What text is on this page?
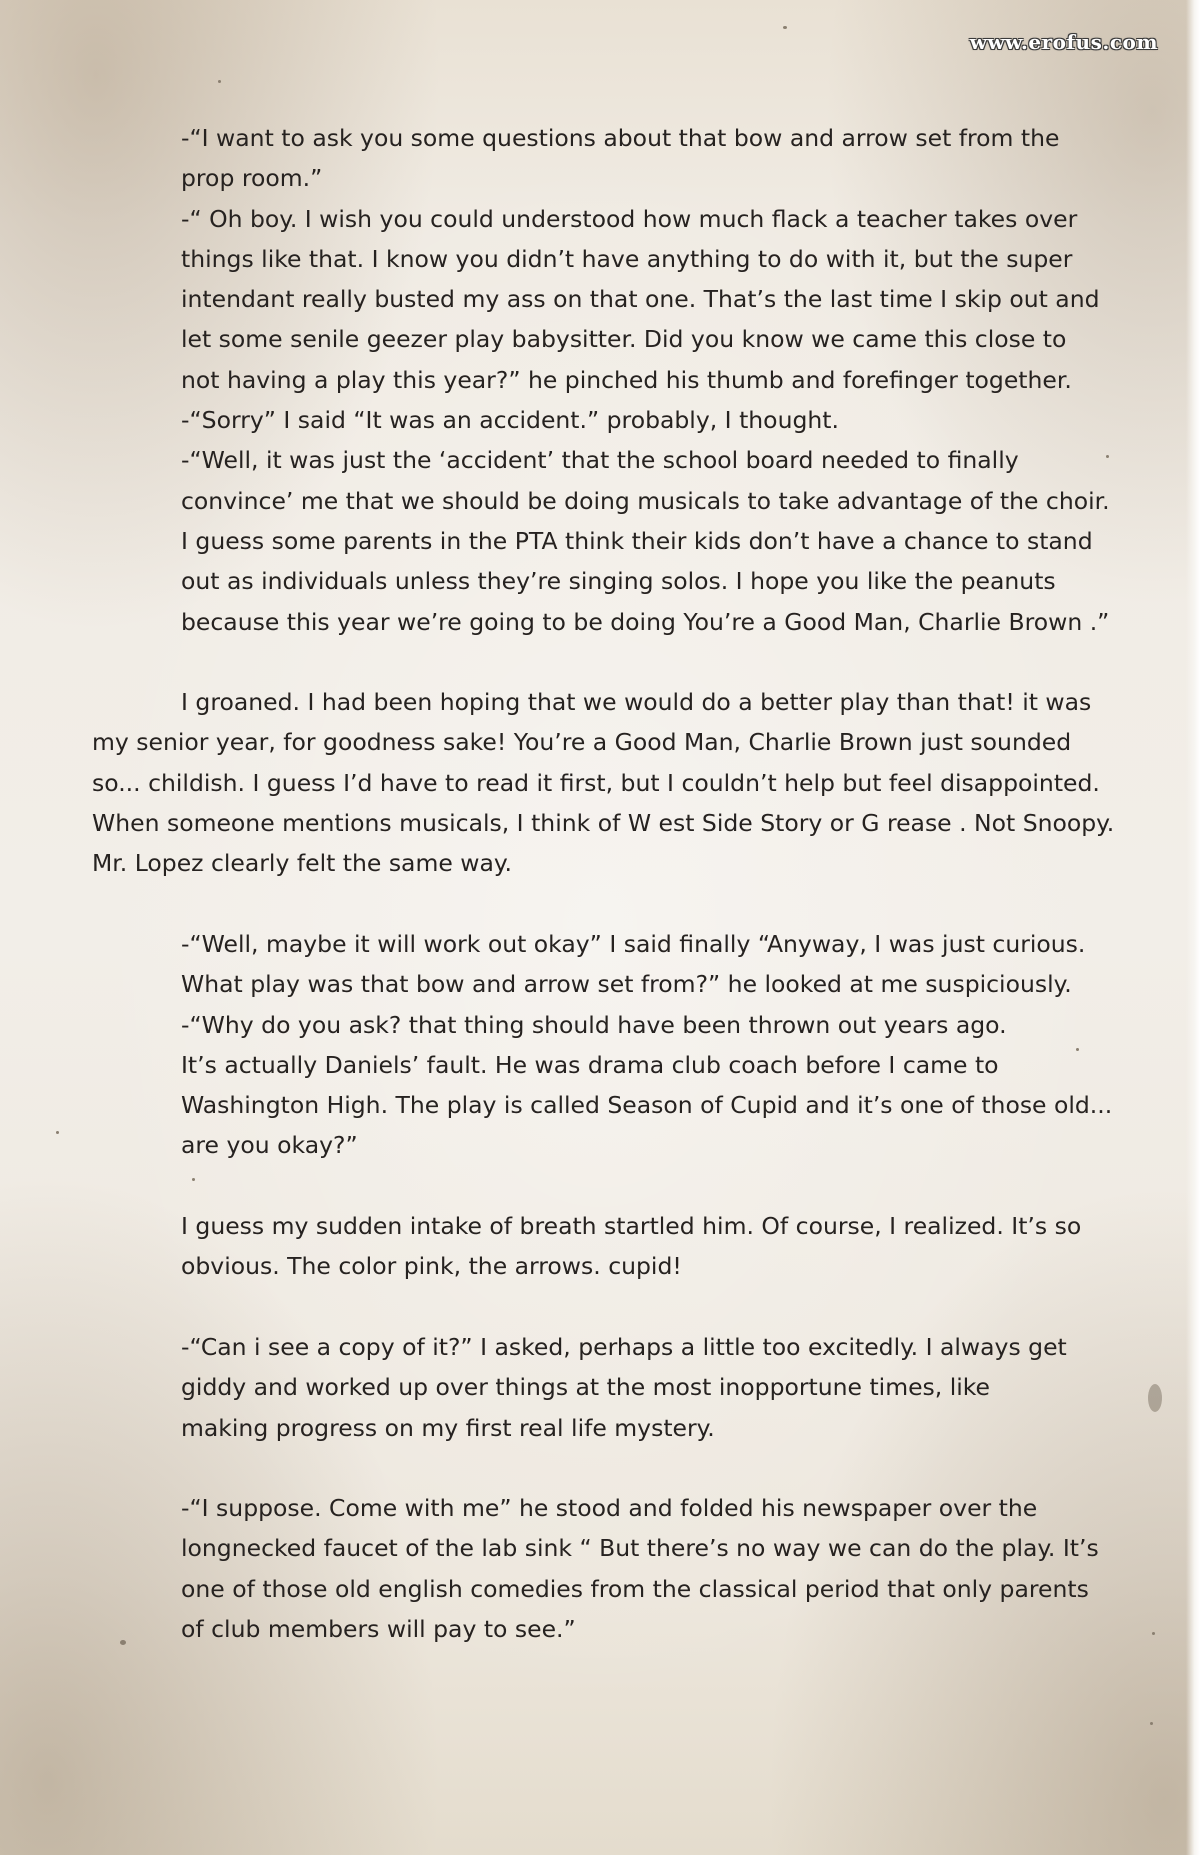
www.erofus.com
-“I want to ask you some questions about that bow and arrow set from the
prop room.”
-“ Oh boy. I wish you could understood how much flack a teacher takes over
things like that. I know you didn’t have anything to do with it, but the super
intendant really busted my ass on that one. That’s the last time I skip out and
let some senile geezer play babysitter. Did you know we came this close to
not having a play this year?” he pinched his thumb and forefinger together.
-“Sorry” I said “It was an accident.” probably, I thought.
-“Well, it was just the ‘accident’ that the school board needed to finally
convince’ me that we should be doing musicals to take advantage of the choir.
I guess some parents in the PTA think their kids don’t have a chance to stand
out as individuals unless they’re singing solos. I hope you like the peanuts
because this year we’re going to be doing You’re a Good Man, Charlie Brown .”
I groaned. I had been hoping that we would do a better play than that! it was
my senior year, for goodness sake! You’re a Good Man, Charlie Brown just sounded
so... childish. I guess I’d have to read it first, but I couldn’t help but feel disappointed.
When someone mentions musicals, I think of W est Side Story or G rease . Not Snoopy.
Mr. Lopez clearly felt the same way.
-“Well, maybe it will work out okay” I said finally “Anyway, I was just curious.
What play was that bow and arrow set from?” he looked at me suspiciously.
-“Why do you ask? that thing should have been thrown out years ago.
It’s actually Daniels’ fault. He was drama club coach before I came to
Washington High. The play is called Season of Cupid and it’s one of those old...
are you okay?”
I guess my sudden intake of breath startled him. Of course, I realized. It’s so
obvious. The color pink, the arrows. cupid!
-“Can i see a copy of it?” I asked, perhaps a little too excitedly. I always get
giddy and worked up over things at the most inopportune times, like
making progress on my first real life mystery.
-“I suppose. Come with me” he stood and folded his newspaper over the
longnecked faucet of the lab sink “ But there’s no way we can do the play. It’s
one of those old english comedies from the classical period that only parents
of club members will pay to see.”
